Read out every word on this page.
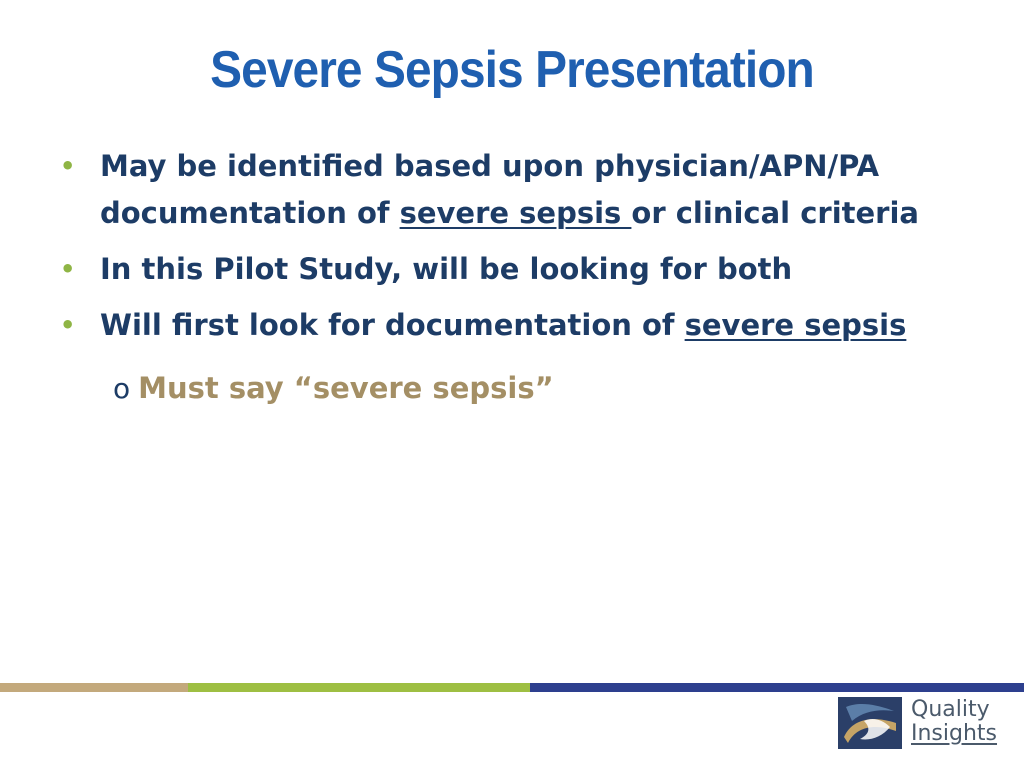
Severe Sepsis Presentation
• May be identified based upon physician/APN/PA
documentation of severe sepsis or clinical criteria
• In this Pilot Study, will be looking for both
• Will first look for documentation of severe sepsis
o Must say “severe sepsis”
Quality
Insights
